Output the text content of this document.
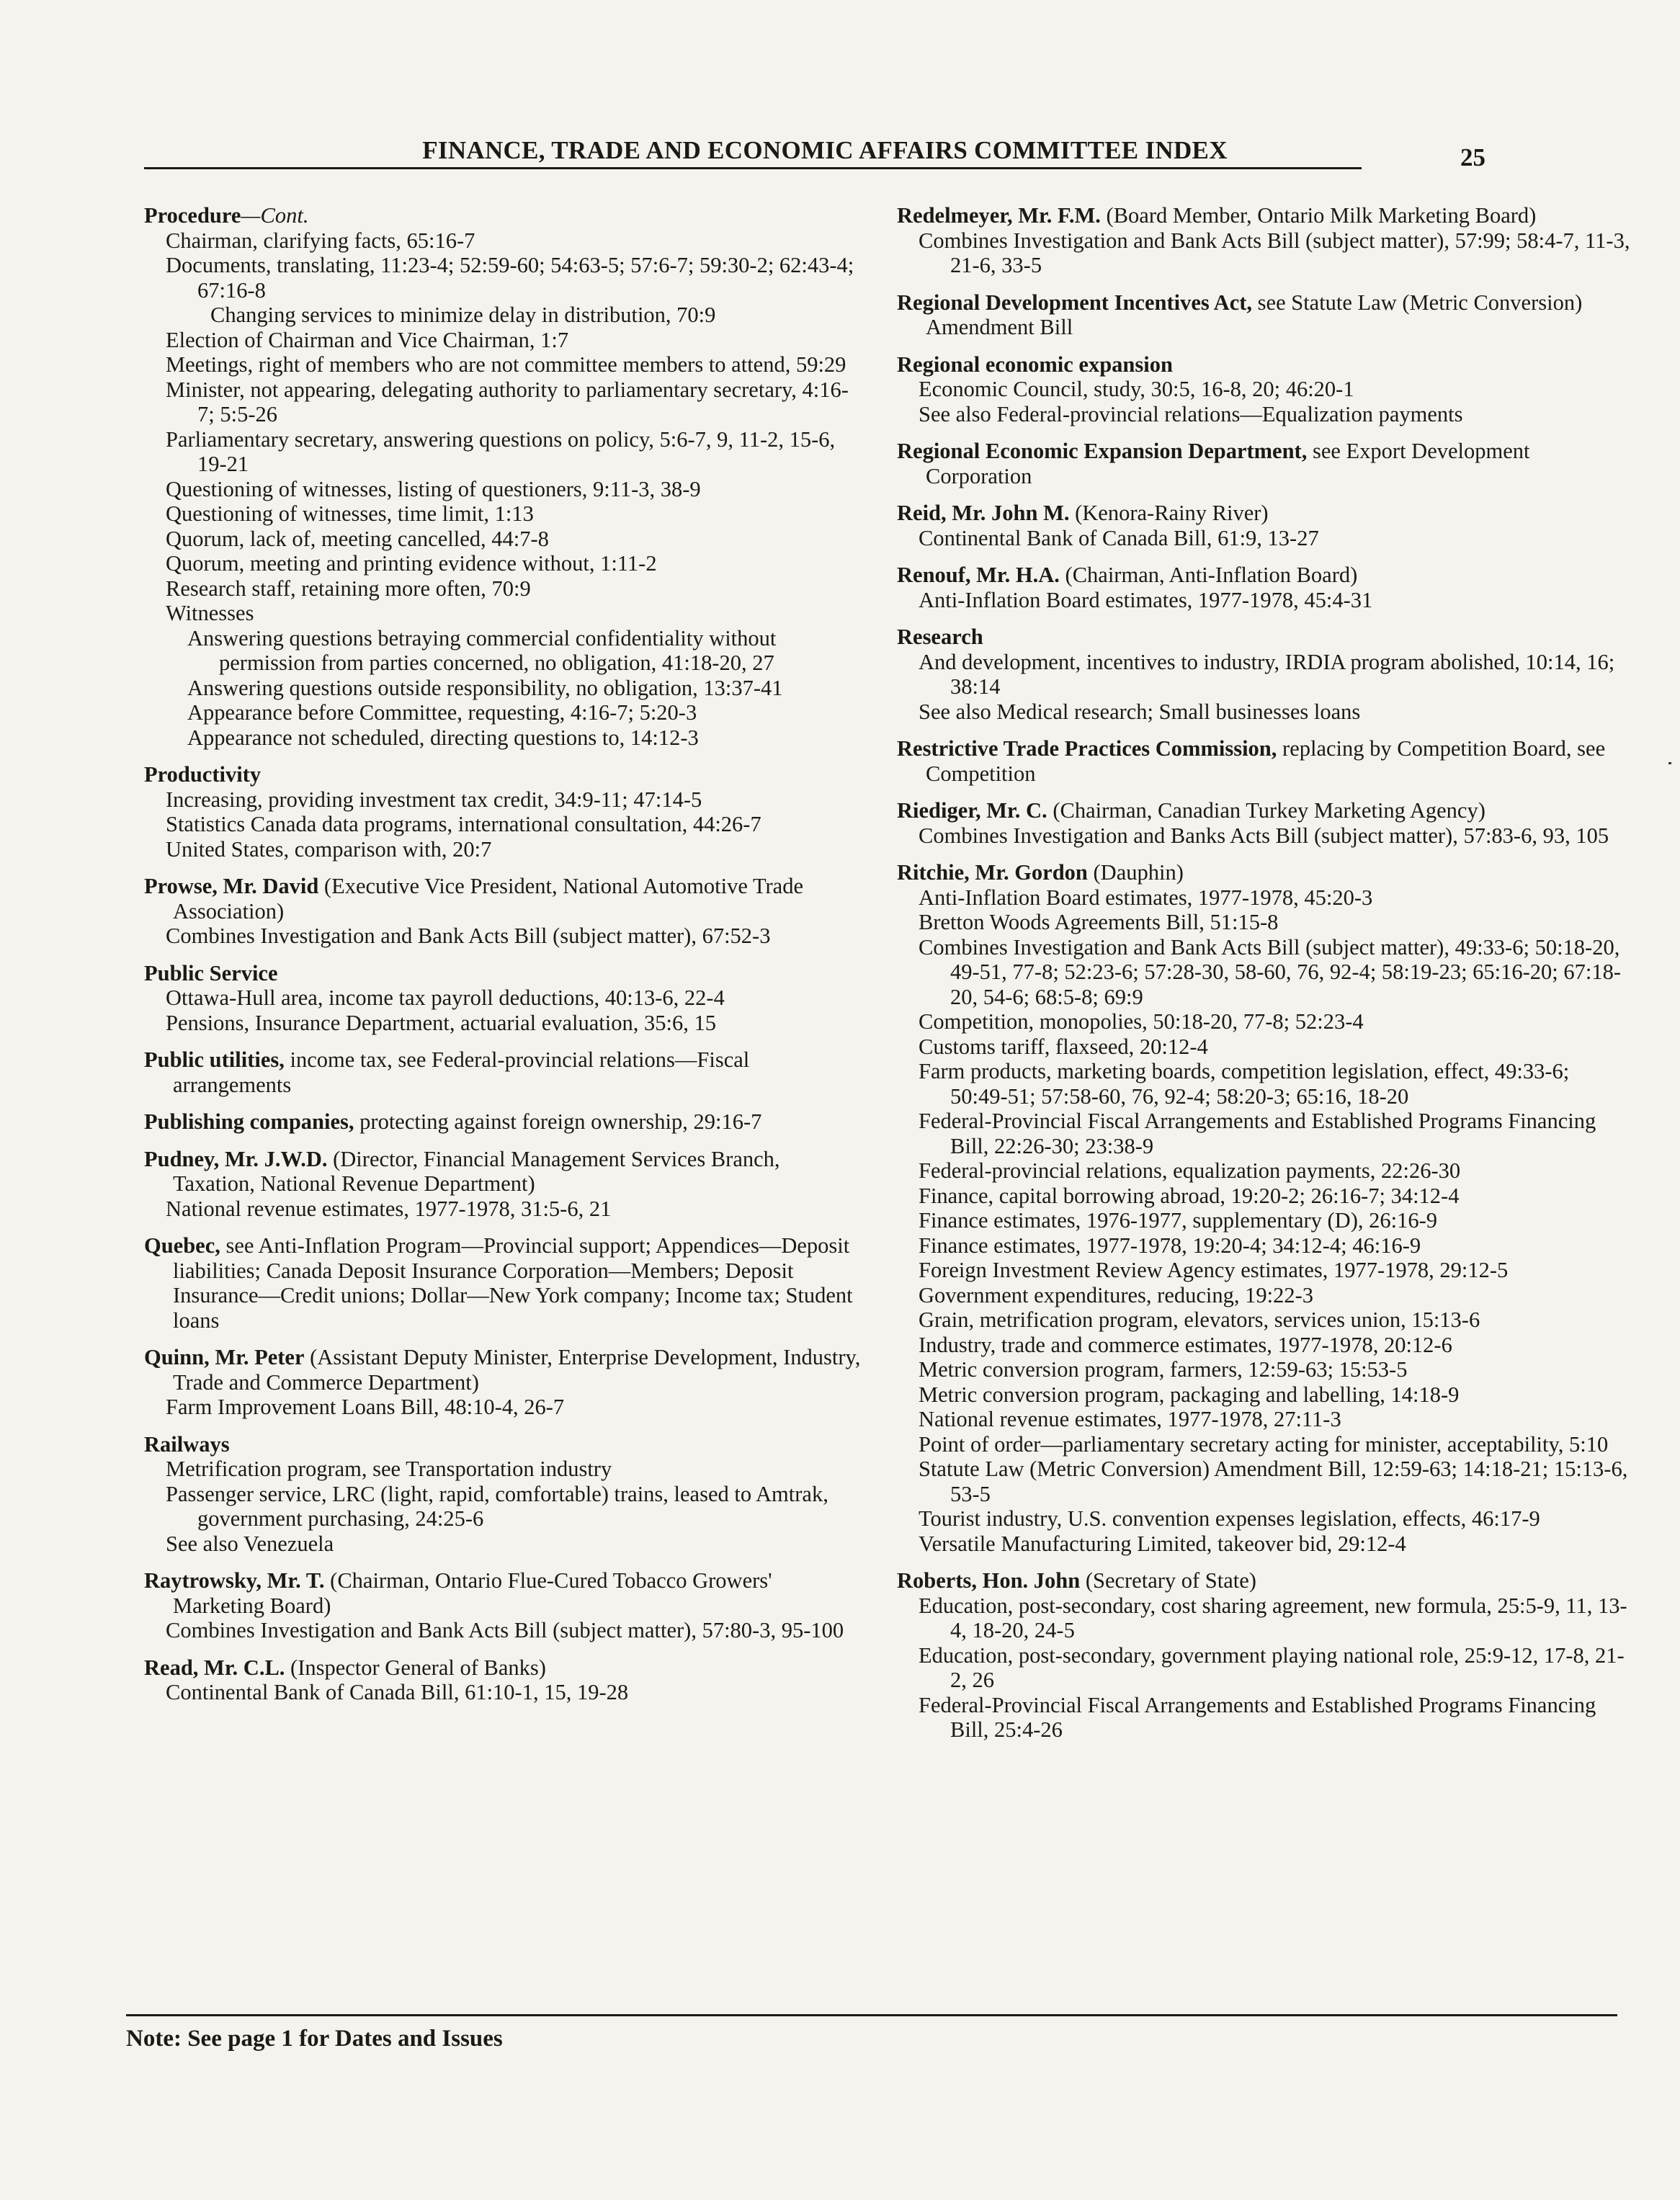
FINANCE, TRADE AND ECONOMIC AFFAIRS COMMITTEE INDEX	25
Procedure—Cont.
Chairman, clarifying facts, 65:16-7
Documents, translating, 11:23-4; 52:59-60; 54:63-5; 57:6-7; 59:30-2; 62:43-4; 67:16-8
Changing services to minimize delay in distribution, 70:9
Election of Chairman and Vice Chairman, 1:7
Meetings, right of members who are not committee members to attend, 59:29
Minister, not appearing, delegating authority to parliamentary secretary, 4:16-7; 5:5-26
Parliamentary secretary, answering questions on policy, 5:6-7, 9, 11-2, 15-6, 19-21
Questioning of witnesses, listing of questioners, 9:11-3, 38-9
Questioning of witnesses, time limit, 1:13
Quorum, lack of, meeting cancelled, 44:7-8
Quorum, meeting and printing evidence without, 1:11-2
Research staff, retaining more often, 70:9
Witnesses
Answering questions betraying commercial confidentiality without permission from parties concerned, no obligation, 41:18-20, 27
Answering questions outside responsibility, no obligation, 13:37-41
Appearance before Committee, requesting, 4:16-7; 5:20-3
Appearance not scheduled, directing questions to, 14:12-3
Productivity
Increasing, providing investment tax credit, 34:9-11; 47:14-5
Statistics Canada data programs, international consultation, 44:26-7
United States, comparison with, 20:7
Prowse, Mr. David (Executive Vice President, National Automotive Trade Association)
Combines Investigation and Bank Acts Bill (subject matter), 67:52-3
Public Service
Ottawa-Hull area, income tax payroll deductions, 40:13-6, 22-4
Pensions, Insurance Department, actuarial evaluation, 35:6, 15
Public utilities, income tax, see Federal-provincial relations—Fiscal arrangements
Publishing companies, protecting against foreign ownership, 29:16-7
Pudney, Mr. J.W.D. (Director, Financial Management Services Branch, Taxation, National Revenue Department)
National revenue estimates, 1977-1978, 31:5-6, 21
Quebec, see Anti-Inflation Program—Provincial support; Appendices—Deposit liabilities; Canada Deposit Insurance Corporation—Members; Deposit Insurance—Credit unions; Dollar—New York company; Income tax; Student loans
Quinn, Mr. Peter (Assistant Deputy Minister, Enterprise Development, Industry, Trade and Commerce Department)
Farm Improvement Loans Bill, 48:10-4, 26-7
Railways
Metrification program, see Transportation industry
Passenger service, LRC (light, rapid, comfortable) trains, leased to Amtrak, government purchasing, 24:25-6
See also Venezuela
Raytrowsky, Mr. T. (Chairman, Ontario Flue-Cured Tobacco Growers' Marketing Board)
Combines Investigation and Bank Acts Bill (subject matter), 57:80-3, 95-100
Read, Mr. C.L. (Inspector General of Banks)
Continental Bank of Canada Bill, 61:10-1, 15, 19-28
Redelmeyer, Mr. F.M. (Board Member, Ontario Milk Marketing Board)
Combines Investigation and Bank Acts Bill (subject matter), 57:99; 58:4-7, 11-3, 21-6, 33-5
Regional Development Incentives Act, see Statute Law (Metric Conversion) Amendment Bill
Regional economic expansion
Economic Council, study, 30:5, 16-8, 20; 46:20-1
See also Federal-provincial relations—Equalization payments
Regional Economic Expansion Department, see Export Development Corporation
Reid, Mr. John M. (Kenora-Rainy River)
Continental Bank of Canada Bill, 61:9, 13-27
Renouf, Mr. H.A. (Chairman, Anti-Inflation Board)
Anti-Inflation Board estimates, 1977-1978, 45:4-31
Research
And development, incentives to industry, IRDIA program abolished, 10:14, 16; 38:14
See also Medical research; Small businesses loans
Restrictive Trade Practices Commission, replacing by Competition Board, see Competition
Riediger, Mr. C. (Chairman, Canadian Turkey Marketing Agency)
Combines Investigation and Banks Acts Bill (subject matter), 57:83-6, 93, 105
Ritchie, Mr. Gordon (Dauphin)
Anti-Inflation Board estimates, 1977-1978, 45:20-3
Bretton Woods Agreements Bill, 51:15-8
Combines Investigation and Bank Acts Bill (subject matter), 49:33-6; 50:18-20, 49-51, 77-8; 52:23-6; 57:28-30, 58-60, 76, 92-4; 58:19-23; 65:16-20; 67:18-20, 54-6; 68:5-8; 69:9
Competition, monopolies, 50:18-20, 77-8; 52:23-4
Customs tariff, flaxseed, 20:12-4
Farm products, marketing boards, competition legislation, effect, 49:33-6; 50:49-51; 57:58-60, 76, 92-4; 58:20-3; 65:16, 18-20
Federal-Provincial Fiscal Arrangements and Established Programs Financing Bill, 22:26-30; 23:38-9
Federal-provincial relations, equalization payments, 22:26-30
Finance, capital borrowing abroad, 19:20-2; 26:16-7; 34:12-4
Finance estimates, 1976-1977, supplementary (D), 26:16-9
Finance estimates, 1977-1978, 19:20-4; 34:12-4; 46:16-9
Foreign Investment Review Agency estimates, 1977-1978, 29:12-5
Government expenditures, reducing, 19:22-3
Grain, metrification program, elevators, services union, 15:13-6
Industry, trade and commerce estimates, 1977-1978, 20:12-6
Metric conversion program, farmers, 12:59-63; 15:53-5
Metric conversion program, packaging and labelling, 14:18-9
National revenue estimates, 1977-1978, 27:11-3
Point of order—parliamentary secretary acting for minister, acceptability, 5:10
Statute Law (Metric Conversion) Amendment Bill, 12:59-63; 14:18-21; 15:13-6, 53-5
Tourist industry, U.S. convention expenses legislation, effects, 46:17-9
Versatile Manufacturing Limited, takeover bid, 29:12-4
Roberts, Hon. John (Secretary of State)
Education, post-secondary, cost sharing agreement, new formula, 25:5-9, 11, 13-4, 18-20, 24-5
Education, post-secondary, government playing national role, 25:9-12, 17-8, 21-2, 26
Federal-Provincial Fiscal Arrangements and Established Programs Financing Bill, 25:4-26
Note: See page 1 for Dates and Issues
